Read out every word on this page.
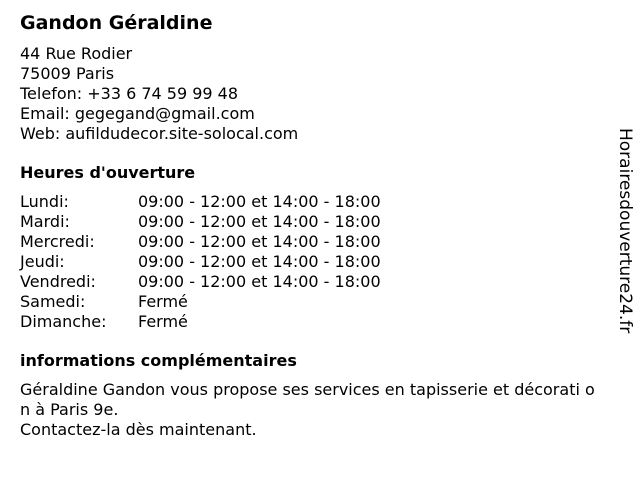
Gandon Géraldine
44 Rue Rodier
75009 Paris
Telefon: +33 6 74 59 99 48
Email: gegegand@gmail.com
Web: aufildudecor.site-solocal.com
Heures d'ouverture
Lundi:	09:00 - 12:00 et 14:00 - 18:00
Mardi:	09:00 - 12:00 et 14:00 - 18:00
Mercredi:	09:00 - 12:00 et 14:00 - 18:00
Jeudi:	09:00 - 12:00 et 14:00 - 18:00
Vendredi:	09:00 - 12:00 et 14:00 - 18:00
Samedi:	Fermé
Dimanche:	Fermé
informations complémentaires
Géraldine Gandon vous propose ses services en tapisserie et décorati on à Paris 9e.
Contactez-la dès maintenant.
Horairesdouverture24.fr
